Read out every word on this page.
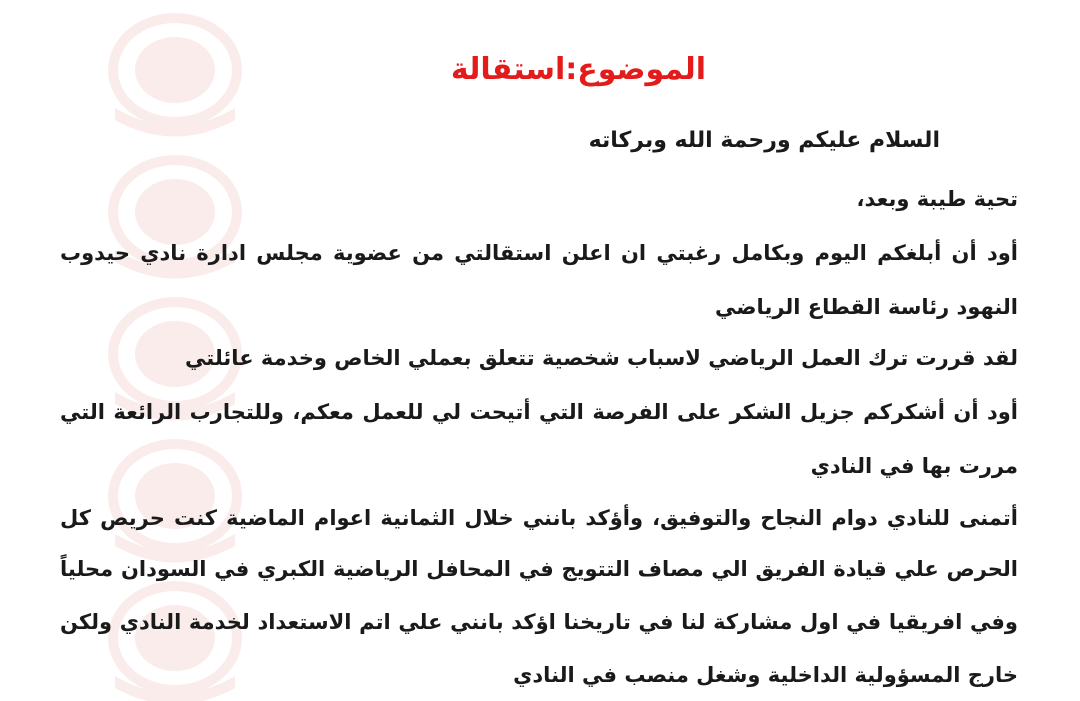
الموضوع:استقالة

السلام عليكم ورحمة الله وبركاته

تحية طيبة وبعد،

أود أن أبلغكم اليوم وبكامل رغبتي ان اعلن استقالتي من عضوية مجلس ادارة نادي حيدوب

النهود رئاسة القطاع الرياضي

لقد قررت ترك العمل الرياضي لاسباب شخصية تتعلق بعملي الخاص وخدمة عائلتي

أود أن أشكركم جزيل الشكر على الفرصة التي أتيحت لي للعمل معكم، وللتجارب الرائعة التي

مررت بها في النادي

أتمنى للنادي دوام النجاح والتوفيق، وأؤكد بانني خلال الثمانية اعوام الماضية كنت حريص كل

الحرص علي قيادة الفريق الي مصاف التتويج في المحافل الرياضية الكبري في السودان محلياً

وفي افريقيا في اول مشاركة لنا في تاريخنا اؤكد بانني علي اتم الاستعداد لخدمة النادي ولكن

خارج المسؤولية الداخلية وشغل منصب في النادي
